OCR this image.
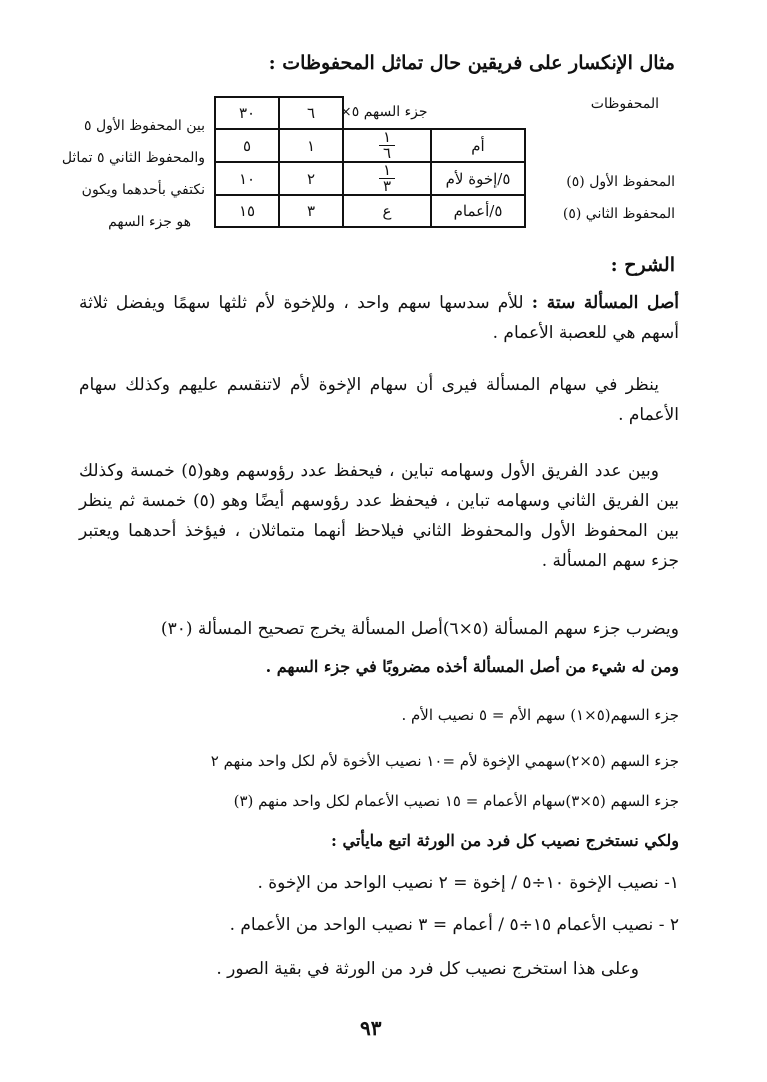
مثال الإنكسار على فريقين حال تماثل المحفوظات :
المحفوظات
المحفوظ الأول (٥)
المحفوظ الثاني (٥)
جزء السهم ٥×
		٦	٣٠
أم	$\frac{١}{٦}$	١	٥
٥/إخوة لأم	$\frac{١}{٣}$	٢	١٠
٥/أعمام	ع	٣	١٥
بين المحفوظ الأول ٥
والمحفوظ الثاني ٥ تماثل
نكتفي بأحدهما ويكون
هو جزء السهم
الشرح :
أصل المسألة ستة : للأم سدسها سهم واحد ، وللإخوة لأم ثلثها سهمًا ويفضل ثلاثة أسهم هي للعصبة الأعمام .
ينظر في سهام المسألة فيرى أن سهام الإخوة لأم لاتنقسم عليهم وكذلك سهام الأعمام .
وبين عدد الفريق الأول وسهامه تباين ، فيحفظ عدد رؤوسهم وهو(٥) خمسة وكذلك بين الفريق الثاني وسهامه تباين ، فيحفظ عدد رؤوسهم أيضًا وهو (٥) خمسة ثم ينظر بين المحفوظ الأول والمحفوظ الثاني فيلاحظ أنهما متماثلان ، فيؤخذ أحدهما ويعتبر جزء سهم المسألة .
ويضرب جزء سهم المسألة (٥×٦)أصل المسألة يخرج تصحيح المسألة (٣٠)
ومن له شيء من أصل المسألة أخذه مضروبًا في جزء السهم .
جزء السهم(٥×١) سهم الأم = ٥ نصيب الأم .
جزء السهم (٥×٢)سهمي الإخوة لأم =١٠ نصيب الأخوة لأم لكل واحد منهم ٢
جزء السهم (٥×٣)سهام الأعمام = ١٥ نصيب الأعمام لكل واحد منهم (٣)
ولكي نستخرج نصيب كل فرد من الورثة اتبع مايأتي :
١- نصيب الإخوة ١٠÷٥ / إخوة = ٢ نصيب الواحد من الإخوة .
٢ - نصيب الأعمام ١٥÷٥ / أعمام = ٣ نصيب الواحد من الأعمام .
وعلى هذا استخرج نصيب كل فرد من الورثة في بقية الصور .
٩٣
